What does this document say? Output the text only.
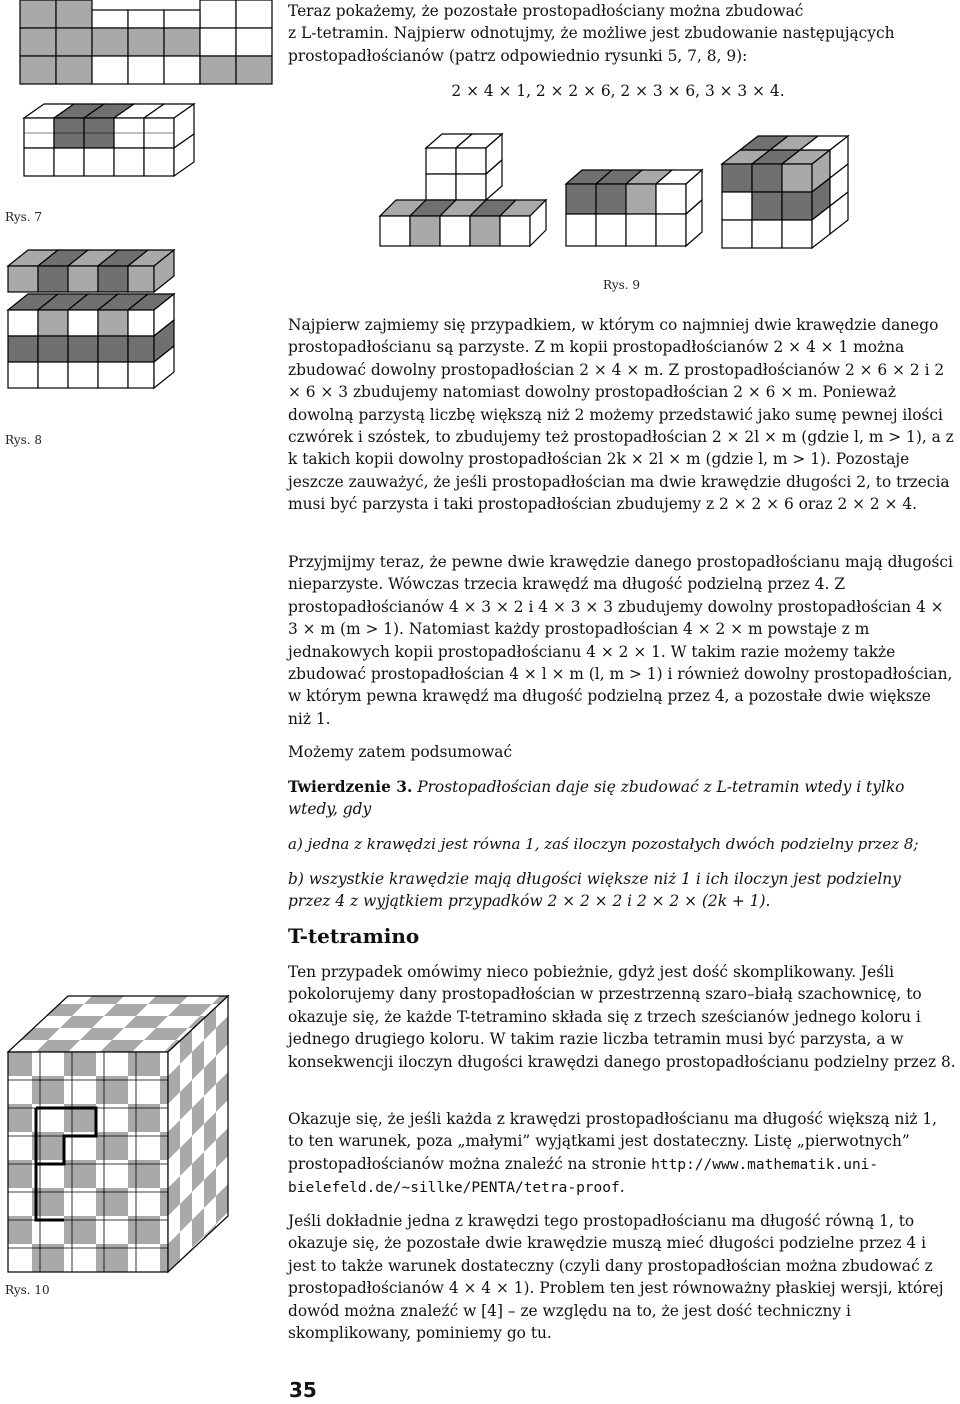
Rys. 7
Rys. 8
Rys. 9
Rys. 10
Teraz pokażemy, że pozostałe prostopadłościany można zbudować
z L-tetramin. Najpierw odnotujmy, że możliwe jest zbudowanie następujących
prostopadłościanów (patrz odpowiednio rysunki 5, 7, 8, 9):
2 × 4 × 1, 2 × 2 × 6, 2 × 3 × 6, 3 × 3 × 4.
Najpierw zajmiemy się przypadkiem, w którym co najmniej dwie krawędzie danego prostopadłościanu są parzyste. Z m kopii prostopadłościanów 2 × 4 × 1 można zbudować dowolny prostopadłościan 2 × 4 × m. Z prostopadłościanów 2 × 6 × 2 i 2 × 6 × 3 zbudujemy natomiast dowolny prostopadłościan 2 × 6 × m. Ponieważ dowolną parzystą liczbę większą niż 2 możemy przedstawić jako sumę pewnej ilości czwórek i szóstek, to zbudujemy też prostopadłościan 2 × 2l × m (gdzie l, m > 1), a z k takich kopii dowolny prostopadłościan 2k × 2l × m (gdzie l, m > 1). Pozostaje jeszcze zauważyć, że jeśli prostopadłościan ma dwie krawędzie długości 2, to trzecia musi być parzysta i taki prostopadłościan zbudujemy z 2 × 2 × 6 oraz 2 × 2 × 4.
Przyjmijmy teraz, że pewne dwie krawędzie danego prostopadłościanu mają długości nieparzyste. Wówczas trzecia krawędź ma długość podzielną przez 4. Z prostopadłościanów 4 × 3 × 2 i 4 × 3 × 3 zbudujemy dowolny prostopadłościan 4 × 3 × m (m > 1). Natomiast każdy prostopadłościan 4 × 2 × m powstaje z m jednakowych kopii prostopadłościanu 4 × 2 × 1. W takim razie możemy także zbudować prostopadłościan 4 × l × m (l, m > 1) i również dowolny prostopadłościan, w którym pewna krawędź ma długość podzielną przez 4, a pozostałe dwie większe niż 1.
Możemy zatem podsumować
Twierdzenie 3. Prostopadłościan daje się zbudować z L-tetramin wtedy i tylko wtedy, gdy
a) jedna z krawędzi jest równa 1, zaś iloczyn pozostałych dwóch podzielny przez 8;
b) wszystkie krawędzie mają długości większe niż 1 i ich iloczyn jest podzielny przez 4 z wyjątkiem przypadków 2 × 2 × 2 i 2 × 2 × (2k + 1).
T-tetramino
Ten przypadek omówimy nieco pobieżnie, gdyż jest dość skomplikowany. Jeśli pokolorujemy dany prostopadłościan w przestrzenną szaro–białą szachownicę, to okazuje się, że każde T-tetramino składa się z trzech sześcianów jednego koloru i jednego drugiego koloru. W takim razie liczba tetramin musi być parzysta, a w konsekwencji iloczyn długości krawędzi danego prostopadłościanu podzielny przez 8.
Okazuje się, że jeśli każda z krawędzi prostopadłościanu ma długość większą niż 1, to ten warunek, poza „małymi” wyjątkami jest dostateczny. Listę „pierwotnych” prostopadłościanów można znaleźć na stronie http://www.mathematik.uni-bielefeld.de/~sillke/PENTA/tetra-proof.
Jeśli dokładnie jedna z krawędzi tego prostopadłościanu ma długość równą 1, to okazuje się, że pozostałe dwie krawędzie muszą mieć długości podzielne przez 4 i jest to także warunek dostateczny (czyli dany prostopadłościan można zbudować z prostopadłościanów 4 × 4 × 1). Problem ten jest równoważny płaskiej wersji, której dowód można znaleźć w [4] – ze względu na to, że jest dość techniczny i skomplikowany, pominiemy go tu.
35
